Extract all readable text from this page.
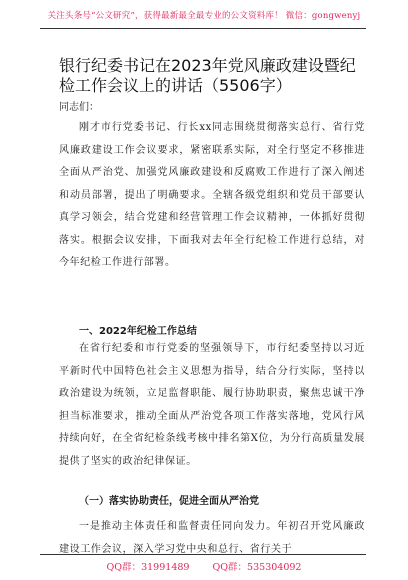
关注头条号“公文研究”，获得最新最全最专业的公文资料库！ 微信：gongwenyj
银行纪委书记在2023年党风廉政建设暨纪检工作会议上的讲话（5506字）
同志们：

刚才市行党委书记、行长xx同志围绕贯彻落实总行、省行党风廉政建设工作会议要求，紧密联系实际，对全行坚定不移推进全面从严治党、加强党风廉政建设和反腐败工作进行了深入阐述和动员部署，提出了明确要求。全辖各级党组织和党员干部要认真学习领会，结合党建和经营管理工作会议精神，一体抓好贯彻落实。根据会议安排，下面我对去年全行纪检工作进行总结，对今年纪检工作进行部署。

一、2022年纪检工作总结

在省行纪委和市行党委的坚强领导下，市行纪委坚持以习近平新时代中国特色社会主义思想为指导，结合分行实际，坚持以政治建设为统领，立足监督职能、履行协助职责，聚焦忠诚干净担当标准要求，推动全面从严治党各项工作落实落地，党风行风持续向好，在全省纪检条线考核中排名第X位，为分行高质量发展提供了坚实的政治纪律保证。

（一）落实协助责任，促进全面从严治党

一是推动主体责任和监督责任同向发力。年初召开党风廉政建设工作会议，深入学习党中央和总行、省行关于

QQ群：31991489 QQ群：535304092
